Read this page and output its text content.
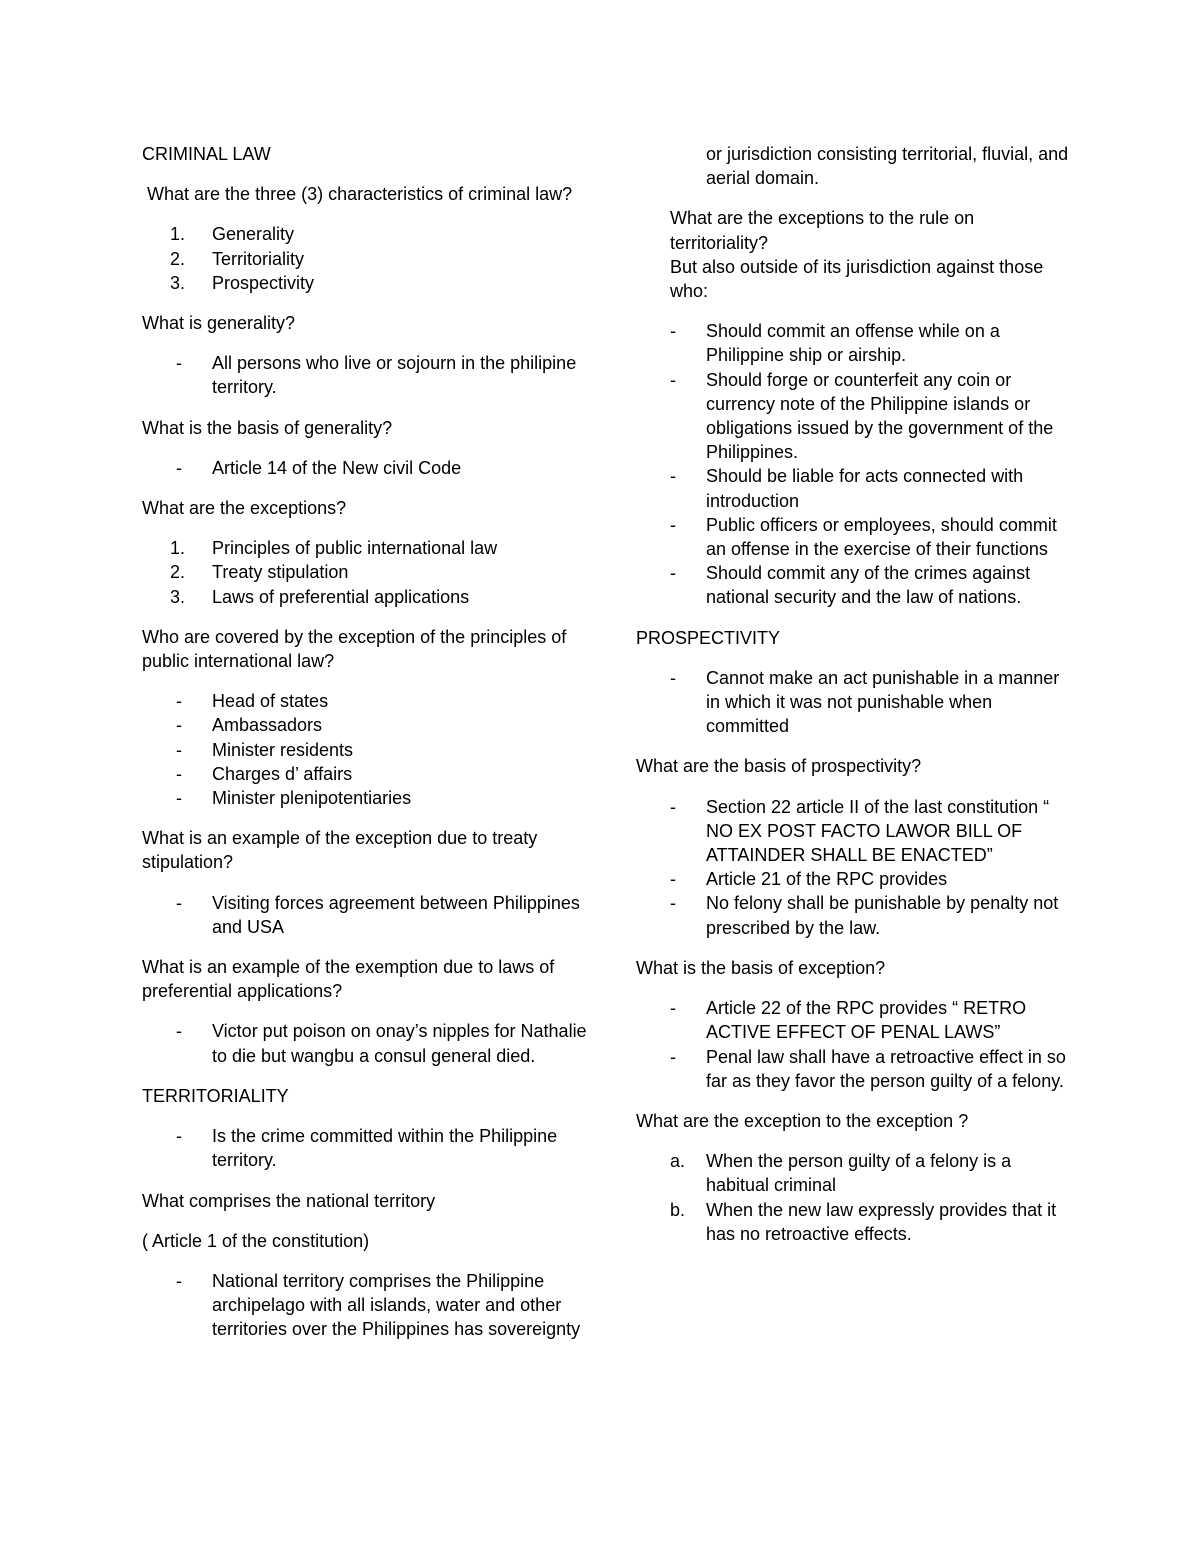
CRIMINAL LAW

What are the three (3) characteristics of criminal law?

1.	Generality
2.	Territoriality
3.	Prospectivity

What is generality?

- All persons who live or sojourn in the philipine territory.

What is the basis of generality?

- Article 14 of the New civil Code

What are the exceptions?

1.	Principles of public international law
2.	Treaty stipulation
3.	Laws of preferential applications

Who are covered by the exception of the principles of public international law?

- Head of states
- Ambassadors
- Minister residents
- Charges d’ affairs
- Minister plenipotentiaries

What is an example of the exception due to treaty stipulation?

- Visiting forces agreement between Philippines and USA

What is an example of the exemption due to laws of preferential applications?

- Victor put poison on onay’s nipples for Nathalie to die but wangbu a consul general died.

TERRITORIALITY

- Is the crime committed within the Philippine territory.

What comprises the national territory

( Article 1 of the constitution)

- National territory comprises the Philippine archipelago with all islands, water and other territories over the Philippines has sovereignty

or jurisdiction consisting territorial, fluvial, and aerial domain.

What are the exceptions to the rule on territoriality?
But also outside of its jurisdiction against those who:

- Should commit an offense while on a Philippine ship or airship.
- Should forge or counterfeit any coin or currency note of the Philippine islands or obligations issued by the government of the Philippines.
- Should be liable for acts connected with introduction
- Public officers or employees, should commit an offense in the exercise of their functions
- Should commit any of the crimes against national security and the law of nations.

PROSPECTIVITY

- Cannot make an act punishable in a manner in which it was not punishable when committed

What are the basis of prospectivity?

- Section 22 article II of the last constitution “ NO EX POST FACTO LAWOR BILL OF ATTAINDER SHALL BE ENACTED”
- Article 21 of the RPC provides
- No felony shall be punishable by penalty not prescribed by the law.

What is the basis of exception?

- Article 22 of the RPC provides “ RETRO ACTIVE EFFECT OF PENAL LAWS”
- Penal law shall have a retroactive effect in so far as they favor the person guilty of a felony.

What are the exception to the exception ?

a.	When the person guilty of a felony is a habitual criminal
b.	When the new law expressly provides that it has no retroactive effects.
